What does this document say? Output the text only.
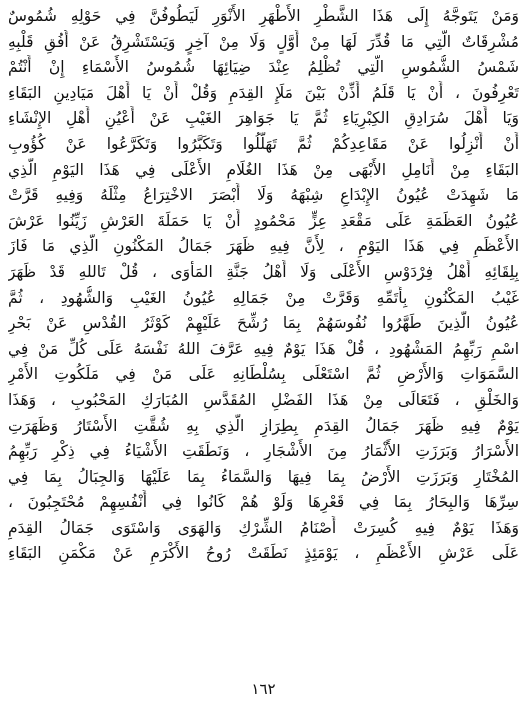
وَمَنْ يَتَوجَّهُ إِلَى هَذَا الشَّطْرِ الأَطْهَرِ الأَنْوَرِ لَيَطُوفُنَّ فِي حَوْلِهِ شُمُوسٌ
مُشْرِقَاتٌ الَّتِي مَا قُدِّرَ لَهَا مِنْ أَوَّلٍ وَلَا مِنْ آخِرٍ وَيَسْتَشْرِقُ عَنْ أُفُقِ قَلْبِهِ
شَمْسُ الشُّمُوسِ الَّتِي تُظْلِمُ عِنْدَ ضِيَائِهَا شُمُوسُ الأَسْمَاءِ إِنْ أَنْتُمْ
تَعْرِفُونَ ، أَنْ يَا قَلَمُ أَذِّنْ بَيْنَ مَلَإِ القِدَمِ وَقُلْ أَنْ يَا أَهْلَ مَيَادِينِ البَقَاءِ
وَيَا أَهْلَ سُرَادِقِ الكِبْرِيَاءِ ثُمَّ يَا جَوَاهِرَ الغَيْبِ عَنْ أَعْيُنِ أَهْلِ الإِنْشَاءِ
أَنْ أَنْزِلُوا عَنْ مَقَاعِدِكُمْ ثُمَّ تَهَلَّلُوا وَتَكَبَّرُوا وَتَكَرَّعُوا عَنْ كُؤُوبِ
البَقَاءِ مِنْ أَنَامِلِ الأَبْهَى مِنْ هَذَا الغُلَامِ الأَعْلَى فِي هَذَا اليَوْمِ الَّذِي
مَا شَهِدَتْ عُيُونُ الإِبْدَاعِ شِبْهَهُ وَلَا أَبْصَرَ الاخْتِرَاعُ مِثْلَهُ وَفِيهِ قَرَّتْ
عُيُونُ العَظَمَةِ عَلَى مَقْعَدِ عِزٍّ مَحْمُودٍ أَنْ يَا حَمَلَةَ العَرْشِ زَيِّنُوا عَرْشَ
الأَعْظَمِ فِي هَذَا اليَوْمِ ، لِأَنَّ فِيهِ ظَهَرَ جَمَالُ المَكْنُونِ الَّذِي مَا فَازَ
بِلِقَائِهِ أَهْلُ فِرْدَوْسِ الأَعْلَى وَلَا أَهْلُ جَنَّةِ المَأْوَى ، قُلْ تَاللهِ قَدْ ظَهَرَ
غَيْبُ المَكْنُونِ بِأَتَمِّهِ وَقَرَّتْ مِنْ جَمَالِهِ عُيُونُ الغَيْبِ وَالشُّهُودِ ، ثُمَّ
عُيُونُ الَّذِينَ طَهَّرُوا نُفُوسَهُمْ بِمَا رُشِّحَ عَلَيْهِمْ كَوْثَرُ القُدْسِ عَنْ بَحْرِ
اسْمِ رَبِّهِمُ المَشْهُودِ ، قُلْ هَذَا يَوْمٌ فِيهِ عَرَّفَ اللهُ نَفْسَهُ عَلَى كُلِّ مَنْ فِي
السَّمَوَاتِ وَالأَرْضِ ثُمَّ اسْتَعْلَى بِسُلْطَانِهِ عَلَى مَنْ فِي مَلَكُوتِ الأَمْرِ
وَالخَلْقِ ، فَتَعَالَى مِنْ هَذَا الفَضْلِ المُقَدَّسِ المُبَارَكِ المَحْبُوبِ ، وَهَذَا
يَوْمٌ فِيهِ ظَهَرَ جَمَالُ القِدَمِ بِطِرَازِ الَّذِي بِهِ شُقَّتِ الأَسْتَارُ وَظَهَرَتِ
الأَسْرَارُ وَبَرَزَتِ الأَثْمَارُ مِنَ الأَشْجَارِ ، وَنَطَقَتِ الأَشْيَاءُ فِي ذِكْرِ رَبِّهِمُ
المُخْتَارِ وَبَرَزَتِ الأَرْضُ بِمَا فِيهَا وَالسَّمَاءُ بِمَا عَلَيْهَا وَالجِبَالُ بِمَا فِي
سِرِّهَا وَالبِحَارُ بِمَا فِي قَعْرِهَا وَلَوْ هُمْ كَانُوا فِي أَنْفُسِهِمْ مُحْتَجِبُونَ ،
وَهَذَا يَوْمٌ فِيهِ كُسِرَتْ أَصْنَامُ الشِّرْكِ وَالهَوَى وَاسْتَوَى جَمَالُ القِدَمِ
عَلَى عَرْشِ الأَعْظَمِ ، يَوْمَئِذٍ نَطَقَتْ رُوحُ الأَكْرَمِ عَنْ مَكْمَنِ البَقَاءِ
١٦٢
